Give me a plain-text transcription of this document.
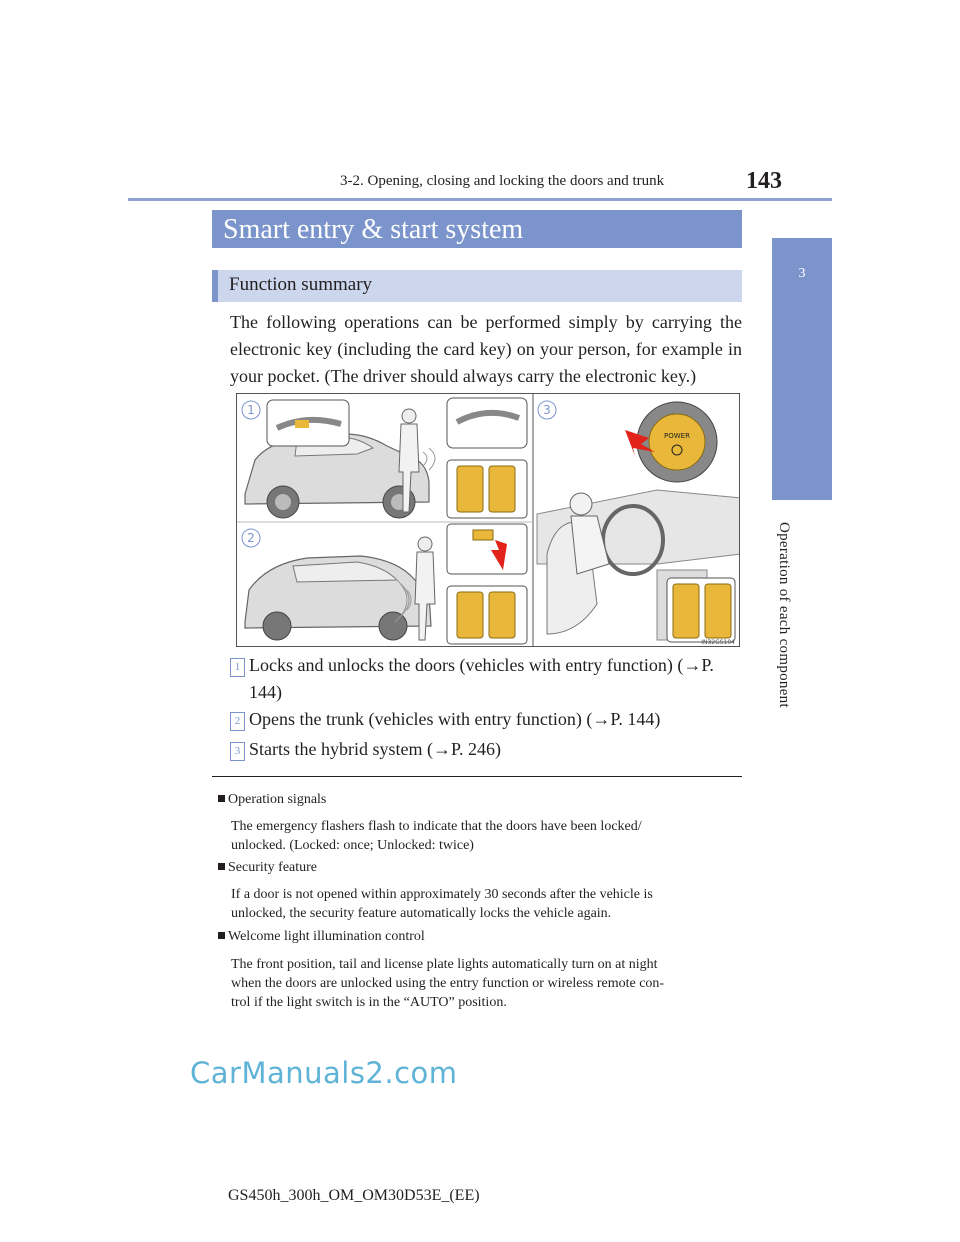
143
3-2. Opening, closing and locking the doors and trunk
3
Operation of each component
Smart entry & start system
Function summary
The following operations can be performed simply by carrying the electronic key (including the card key) on your person, for example in your pocket. (The driver should always carry the electronic key.)
POWER
IN32GS104
1
2
3
1 Locks and unlocks the doors (vehicles with entry function) (→P.
144)
2 Opens the trunk (vehicles with entry function) (→P. 144)
3 Starts the hybrid system (→P. 246)
Operation signals
The emergency flashers flash to indicate that the doors have been locked/
unlocked. (Locked: once; Unlocked: twice)
Security feature
If a door is not opened within approximately 30 seconds after the vehicle is
unlocked, the security feature automatically locks the vehicle again.
Welcome light illumination control
The front position, tail and license plate lights automatically turn on at night
when the doors are unlocked using the entry function or wireless remote con-
trol if the light switch is in the “AUTO” position.
CarManuals2.com
GS450h_300h_OM_OM30D53E_(EE)
